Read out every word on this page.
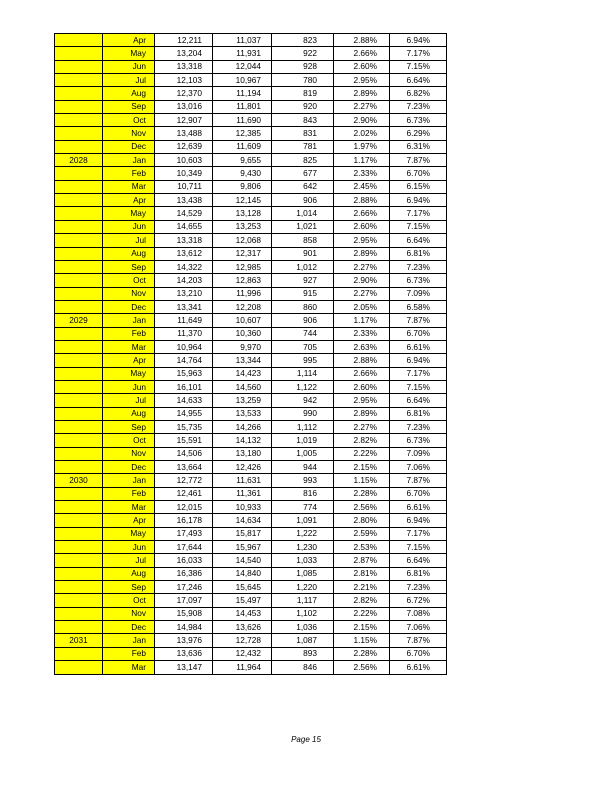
	Apr	12,211	11,037	823	2.88%	6.94%
	May	13,204	11,931	922	2.66%	7.17%
	Jun	13,318	12,044	928	2.60%	7.15%
	Jul	12,103	10,967	780	2.95%	6.64%
	Aug	12,370	11,194	819	2.89%	6.82%
	Sep	13,016	11,801	920	2.27%	7.23%
	Oct	12,907	11,690	843	2.90%	6.73%
	Nov	13,488	12,385	831	2.02%	6.29%
	Dec	12,639	11,609	781	1.97%	6.31%
2028	Jan	10,603	9,655	825	1.17%	7.87%
	Feb	10,349	9,430	677	2.33%	6.70%
	Mar	10,711	9,806	642	2.45%	6.15%
	Apr	13,438	12,145	906	2.88%	6.94%
	May	14,529	13,128	1,014	2.66%	7.17%
	Jun	14,655	13,253	1,021	2.60%	7.15%
	Jul	13,318	12,068	858	2.95%	6.64%
	Aug	13,612	12,317	901	2.89%	6.81%
	Sep	14,322	12,985	1,012	2.27%	7.23%
	Oct	14,203	12,863	927	2.90%	6.73%
	Nov	13,210	11,996	915	2.27%	7.09%
	Dec	13,341	12,208	860	2.05%	6.58%
2029	Jan	11,649	10,607	906	1.17%	7.87%
	Feb	11,370	10,360	744	2.33%	6.70%
	Mar	10,964	9,970	705	2.63%	6.61%
	Apr	14,764	13,344	995	2.88%	6.94%
	May	15,963	14,423	1,114	2.66%	7.17%
	Jun	16,101	14,560	1,122	2.60%	7.15%
	Jul	14,633	13,259	942	2.95%	6.64%
	Aug	14,955	13,533	990	2.89%	6.81%
	Sep	15,735	14,266	1,112	2.27%	7.23%
	Oct	15,591	14,132	1,019	2.82%	6.73%
	Nov	14,506	13,180	1,005	2.22%	7.09%
	Dec	13,664	12,426	944	2.15%	7.06%
2030	Jan	12,772	11,631	993	1.15%	7.87%
	Feb	12,461	11,361	816	2.28%	6.70%
	Mar	12,015	10,933	774	2.56%	6.61%
	Apr	16,178	14,634	1,091	2.80%	6.94%
	May	17,493	15,817	1,222	2.59%	7.17%
	Jun	17,644	15,967	1,230	2.53%	7.15%
	Jul	16,033	14,540	1,033	2.87%	6.64%
	Aug	16,386	14,840	1,085	2.81%	6.81%
	Sep	17,246	15,645	1,220	2.21%	7.23%
	Oct	17,097	15,497	1,117	2.82%	6.72%
	Nov	15,908	14,453	1,102	2.22%	7.08%
	Dec	14,984	13,626	1,036	2.15%	7.06%
2031	Jan	13,976	12,728	1,087	1.15%	7.87%
	Feb	13,636	12,432	893	2.28%	6.70%
	Mar	13,147	11,964	846	2.56%	6.61%
Page 15
